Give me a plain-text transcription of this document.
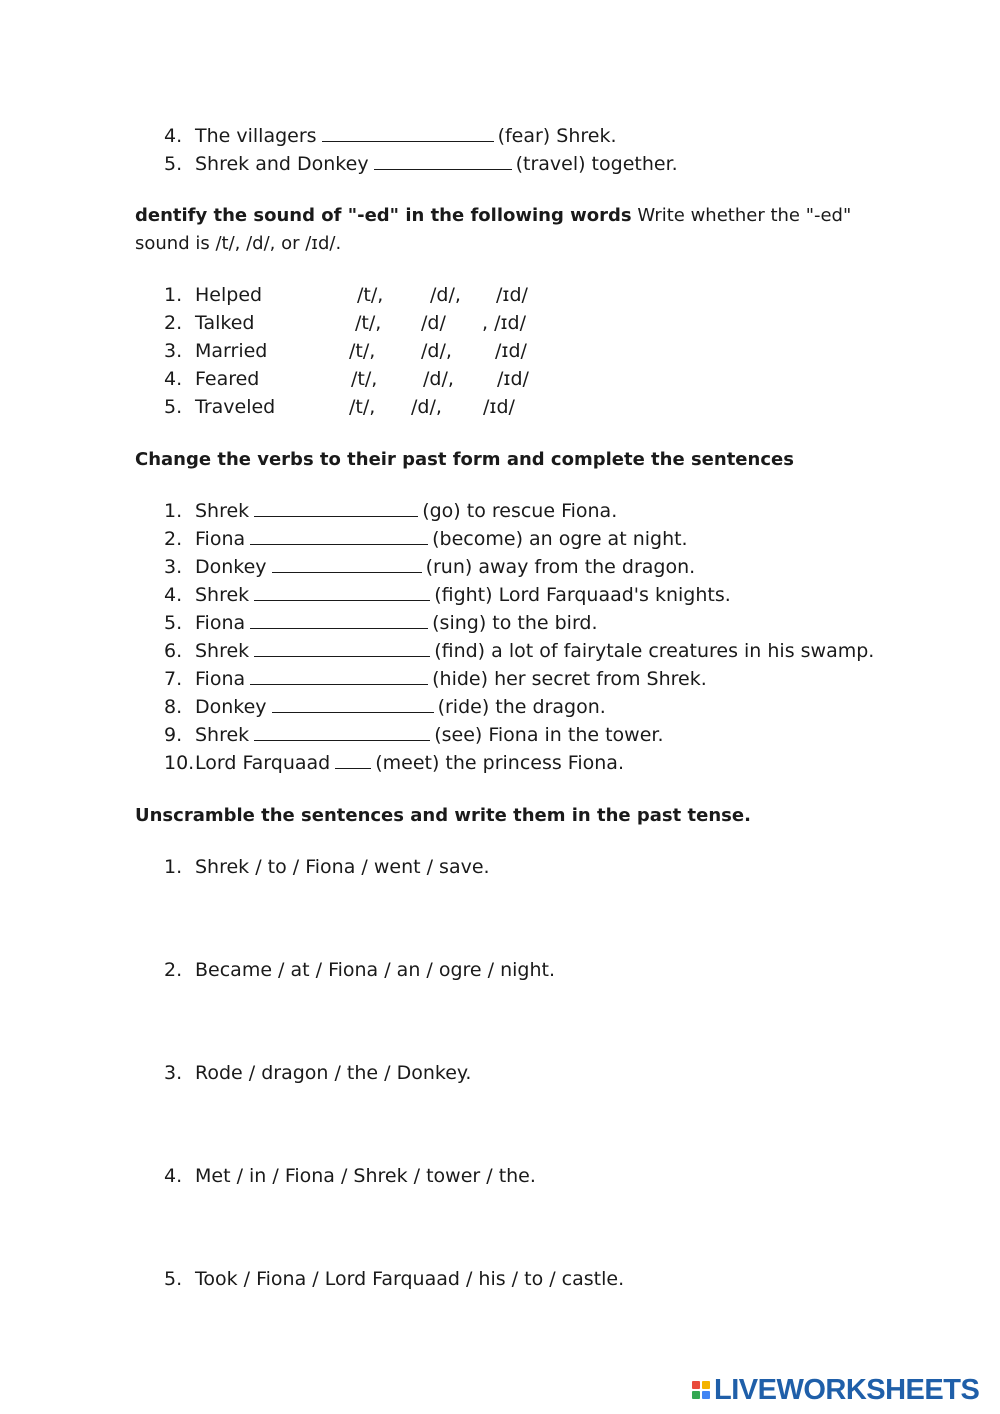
4. The villagers	(fear) Shrek.
5. Shrek and Donkey	(travel) together.
dentify the sound of "-ed" in the following words Write whether the "-ed" sound is /t/, /d/, or /ɪd/.
1. Helped	/t/, /d/, /ɪd/
2. Talked	/t/, /d/ , /ɪd/
3. Married	/t/, /d/, /ɪd/
4. Feared	/t/, /d/, /ɪd/
5. Traveled	/t/, /d/, /ɪd/
Change the verbs to their past form and complete the sentences
1. Shrek	(go) to rescue Fiona.
2. Fiona	(become) an ogre at night.
3. Donkey	(run) away from the dragon.
4. Shrek	(fight) Lord Farquaad's knights.
5. Fiona	(sing) to the bird.
6. Shrek	(find) a lot of fairytale creatures in his swamp.
7. Fiona	(hide) her secret from Shrek.
8. Donkey	(ride) the dragon.
9. Shrek	(see) Fiona in the tower.
10. Lord Farquaad (meet) the princess Fiona.
Unscramble the sentences and write them in the past tense.
1. Shrek / to / Fiona / went / save.
2. Became / at / Fiona / an / ogre / night.
3. Rode / dragon / the / Donkey.
4. Met / in / Fiona / Shrek / tower / the.
5. Took / Fiona / Lord Farquaad / his / to / castle.
LIVEWORKSHEETS
